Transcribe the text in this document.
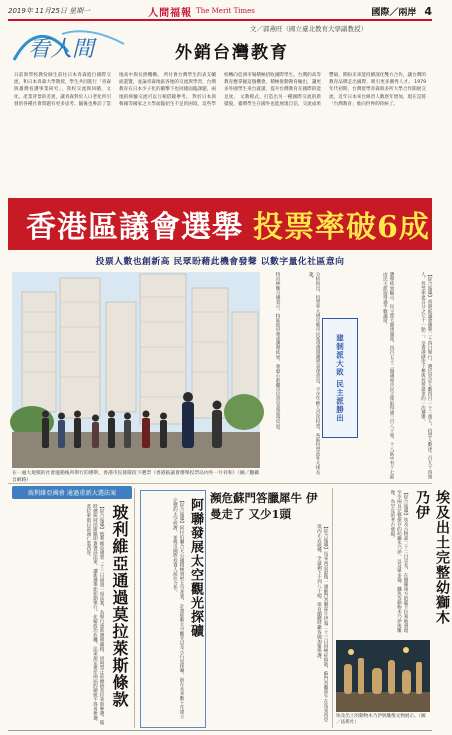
2019年 11月25日 星期一	人間福報 The Merit Times	國際／兩岸 4
看人間
文／郭燕旺（國立臺北教育大學副教授）
外銷台灣教育
日前與學校教份師生前往日本青森進行國際交流，和日本青森大學教授、學生共同進行「青森與臺灣看護事業研究」，我校交流與回饋，文化、產業背景的差異，讓青森對於人口老化所引發的各種社會問題有更多思考。隨後也參訪了當地高中與長照機構。 所付會台灣學生的表支輔面遊覽，並論青森地區各地的交流與學習，台灣教育在日本少子化的衝擊下也同樣面臨課題，兩地的經驗交流可以互相借鏡參考。 對於日本與韓國等國家之大學面臨招生不足的困境，這些學校轉向亞洲市場積極招收國際學生。台灣的高等教育應掌握這個機會，積極推動教育輸出，讓更多外國學生來台就讀，提升台灣教育在國際的能見度。 文教模式，打造出另一種國際交流的新樣貌，臺灣學生在國外也能展現自信，交流成果豐碩，期盼未來能持續深化雙方合作，讓台灣的教育品牌走出國際，吸引更多優秀人才。 1979年代初期，台灣留學青森與多所大學合作開展交流，近年日本來台修習人數逐年增加，現在是將「台灣教育」推向世界的時候了。
香港區議會選舉 投票率破6成
投票人數也創新高 民眾盼藉此機會發聲 以數字量化社區意向
在一處大規模的社會運動後所舉行的選舉，香港市民排隊投下選票（香港區議會選舉投票站內外一片祥和）（圖／翻攝自網路）
【綜合報導】香港區議會選舉二十四日舉行，選民登記人數四百一十三萬人，投票人數達二百九十四萬人，投票率達百分之七十一點二，是香港歷史上參與投票最多的一次選舉。
選舉結果顯示，民主派大勝建制派，四百五十二個議席中民主派取得逾三百八十席，十八區中有十七區由民主派取得過半數議席。
分析指出，投票率大增反映市民希望透過選票表達意見，不少年輕人首次投票，各區投票站外大排長龍。
特首林鄭月娥表示，特區政府尊重選舉結果，會虛心聆聽市民意見並認真反思。	建制派大敗 民主派勝出
玻利維亞國會 通過重新大選法案
玻利維亞通過莫拉萊斯條款
【綜合報導】玻利維亞國會二十三日通過一項法案，為舉行重新選舉鋪路，同時禁止前總統莫拉萊斯參選。臨時總統阿涅斯隨即簽署該法案，讓新選舉能如期舉行，化解政治危機。法案規定連任兩屆的總統不得再參選，莫拉萊斯目前流亡墨西哥。	阿聯發展太空觀光探礦
【綜合報導】阿拉伯聯合大公國積極發展太空產業，計畫推動太空觀光以及小行星探礦，盼在未來數十年建立完整的太空經濟，並吸引國際投資人前往合作。	瀕危蘇門答臘犀牛 伊曼走了 又少1頭
【綜合報導】馬來西亞最後一頭蘇門答臘犀牛伊曼二十三日因癌症病逝，蘇門答臘犀牛在馬來西亞境內正式絕種，全球剩下不到八十頭，保育團體呼籲各國加緊保護。	埃及出土完整幼獅木乃伊
【綜合報導】埃及古物部二十三日宣布，在開羅南方的薩卡拉墓地發現至少兩具完整保存的幼獅木乃伊，以及眾多貓、鱷魚等動物木乃伊與雕像，為罕見的考古發現。
埃及出土的動物木乃伊與雕像文物展示。（圖／法新社）
